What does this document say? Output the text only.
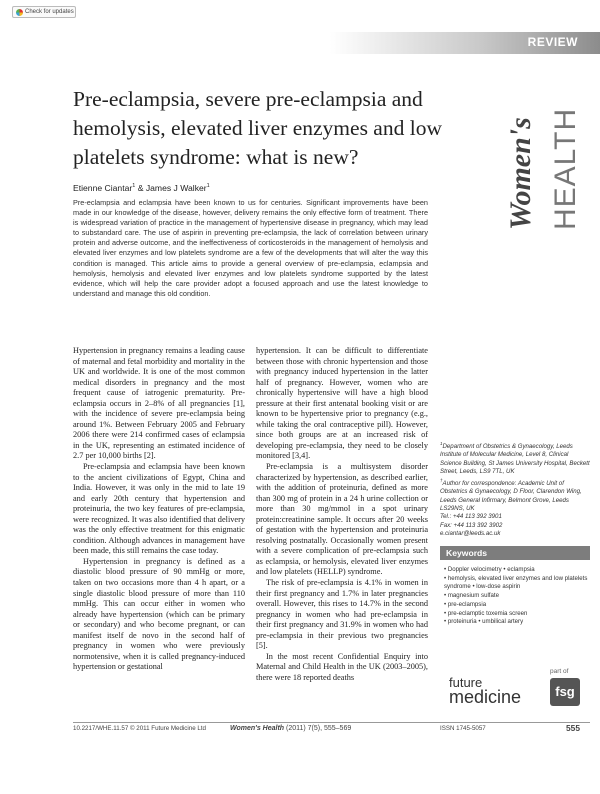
Check for updates
REVIEW
Pre-eclampsia, severe pre-eclampsia and hemolysis, elevated liver enzymes and low platelets syndrome: what is new?	Women's HEALTH
Etienne Ciantar$^1$ & James J Walker$^1$

Pre-eclampsia and eclampsia have been known to us for centuries. Significant improvements have been made in our knowledge of the disease, however, delivery remains the only effective form of treatment. There is widespread variation of practice in the management of hypertensive disease in pregnancy, which may lead to substandard care. The use of aspirin in preventing pre-eclampsia, the lack of correlation between urinary protein and adverse outcome, and the ineffectiveness of corticosteroids in the management of hemolysis and elevated liver enzymes and low platelets syndrome are a few of the developments that will alter the way this condition is managed. This article aims to provide a general overview of pre-eclampsia, eclampsia and hemolysis, hemolysis and elevated liver enzymes and low platelets syndrome supported by the latest evidence, which will help the care provider adopt a focused approach and use the latest knowledge to understand and manage this old condition.

Hypertension in pregnancy remains a leading cause of maternal and fetal morbidity and mortality in the UK and worldwide. It is one of the most common medical disorders in pregnancy and the most frequent cause of iatrogenic prematurity. Pre-eclampsia occurs in 2–8% of all pregnancies [1], with the incidence of severe pre-eclampsia being around 1%. Between February 2005 and February 2006 there were 214 confirmed cases of eclampsia in the UK, representing an estimated incidence of 2.7 per 10,000 births [2].

Pre-eclampsia and eclampsia have been known to the ancient civilizations of Egypt, China and India. However, it was only in the mid to late 19 and early 20th century that hypertension and proteinuria, the two key features of pre-eclampsia, were recognized. It was also identified that delivery was the only effective treatment for this enigmatic condition. Although advances in management have been made, this still remains the case today.

Hypertension in pregnancy is defined as a diastolic blood pressure of 90 mmHg or more, taken on two occasions more than 4 h apart, or a single diastolic blood pressure of more than 110 mmHg. This can occur either in women who already have hypertension (which can be primary or secondary) and who become pregnant, or can manifest itself de novo in the second half of pregnancy in women who were previously normotensive, when it is called pregnancy-induced hypertension or gestational

hypertension. It can be difficult to differentiate between those with chronic hypertension and those with pregnancy induced hypertension in the latter half of pregnancy. However, women who are chronically hypertensive will have a high blood pressure at their first antenatal booking visit or are known to be hypertensive prior to pregnancy (e.g., while taking the oral contraceptive pill). However, since both groups are at an increased risk of developing pre-eclampsia, they need to be closely monitored [3,4].

Pre-eclampsia is a multisystem disorder characterized by hypertension, as described earlier, with the addition of proteinuria, defined as more than 300 mg of protein in a 24 h urine collection or more than 30 mg/mmol in a spot urinary protein:creatinine sample. It occurs after 20 weeks of gestation with the hypertension and proteinuria resolving postnatally. Occasionally women present with a severe complication of pre-eclampsia such as eclampsia, or hemolysis, elevated liver enzymes and low platelets (HELLP) syndrome.

The risk of pre-eclampsia is 4.1% in women in their first pregnancy and 1.7% in later pregnancies overall. However, this rises to 14.7% in the second pregnancy in women who had pre-eclampsia in their first pregnancy and 31.9% in women who had pre-eclampsia in their previous two pregnancies [5].

In the most recent Confidential Enquiry into Maternal and Child Health in the UK (2003–2005), there were 18 reported deaths

$^1$Department of Obstetrics & Gynaecology, Leeds Institute of Molecular Medicine, Level 8, Clinical Science Building, St James University Hospital, Beckett Street, Leeds, LS9 7TL, UK
†Author for correspondence: Academic Unit of Obstetrics & Gynaecology, D Floor, Clarendon Wing, Leeds General Infirmary, Belmont Grove, Leeds LS29NS, UK
Tel.: +44 113 392 3901
Fax: +44 113 392 3902
e.ciantar@leeds.ac.uk
Keywords
• Doppler velocimetry • eclampsia
• hemolysis, elevated liver enzymes and low platelets syndrome • low-dose aspirin
• magnesium sulfate
• pre-eclampsia
• pre-eclamptic toxemia screen
• proteinuria • umbilical artery
part of
future
medicine	fsg
10.2217/WHE.11.57 © 2011 Future Medicine Ltd	Women's Health (2011) 7(5), 555–569	ISSN 1745-5057	555
